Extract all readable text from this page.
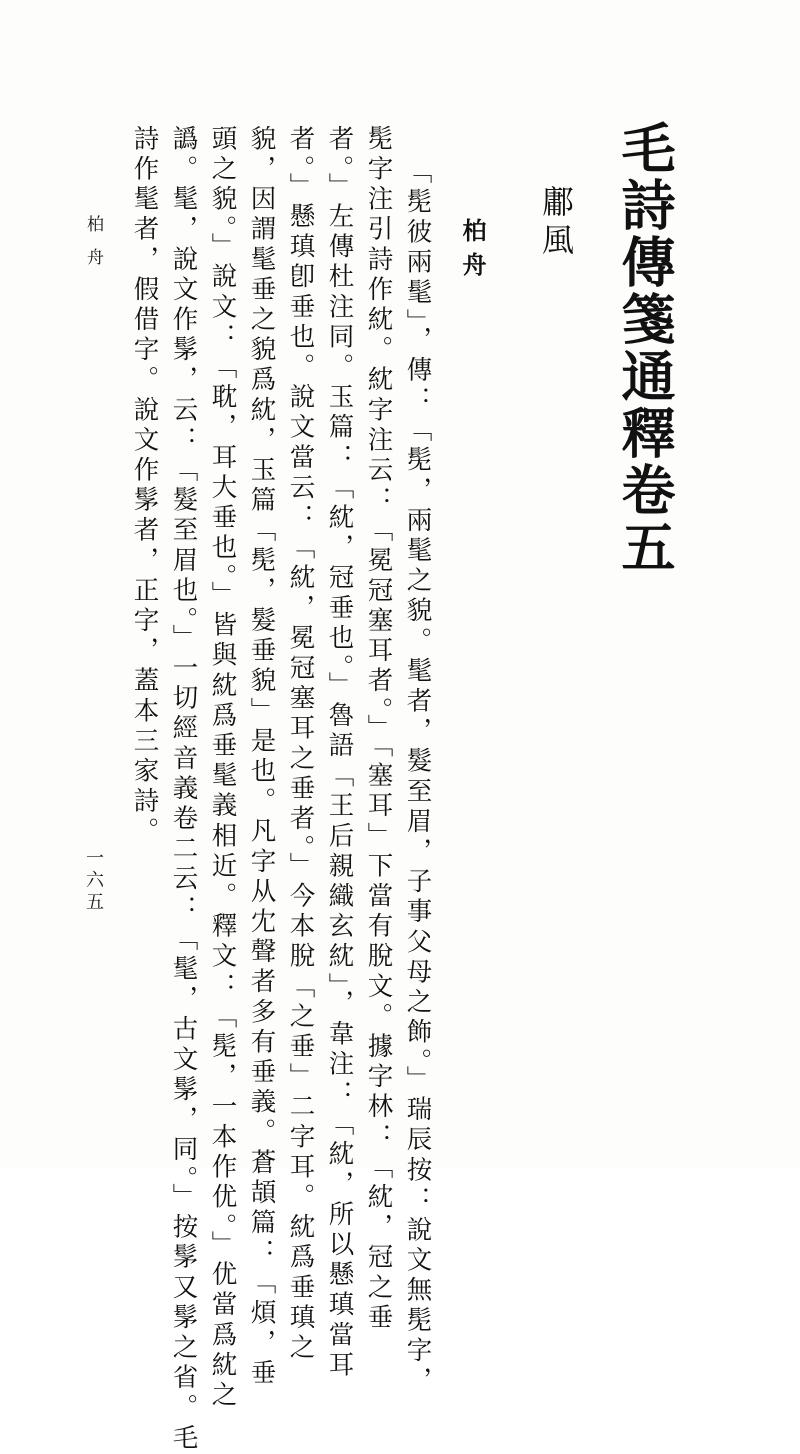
毛詩傳箋通釋卷五
鄘風
柏舟
「髧彼兩髦」，傳：「髧，兩髦之貌。髦者，髮至眉，子事父母之飾。」瑞辰按：說文無髧字，
髧字注引詩作紞。紞字注云：「冕冠塞耳者。」「塞耳」下當有脫文。據字林：「紞，冠之垂
者。」左傳杜注同。玉篇：「紞，冠垂也。」魯語「王后親織玄紞」，韋注：「紞，所以懸瑱當耳
者。」懸瑱卽垂也。說文當云：「紞，冕冠塞耳之垂者。」今本脫「之垂」二字耳。紞爲垂瑱之
貌，因謂髦垂之貌爲紞，玉篇「髧，髮垂貌」是也。凡字从冘聲者多有垂義。蒼頡篇：「煩，垂
頭之貌。」說文：「耽，耳大垂也。」皆與紞爲垂髦義相近。釋文：「髧，一本作优。」优當爲紞之
譌。髦，說文作髳，云：「髮至眉也。」一切經音義卷二云：「髦，古文髳，同。」按髳又髳之省。毛
詩作髦者，假借字。說文作髳者，正字，蓋本三家詩。
柏舟
一六五
